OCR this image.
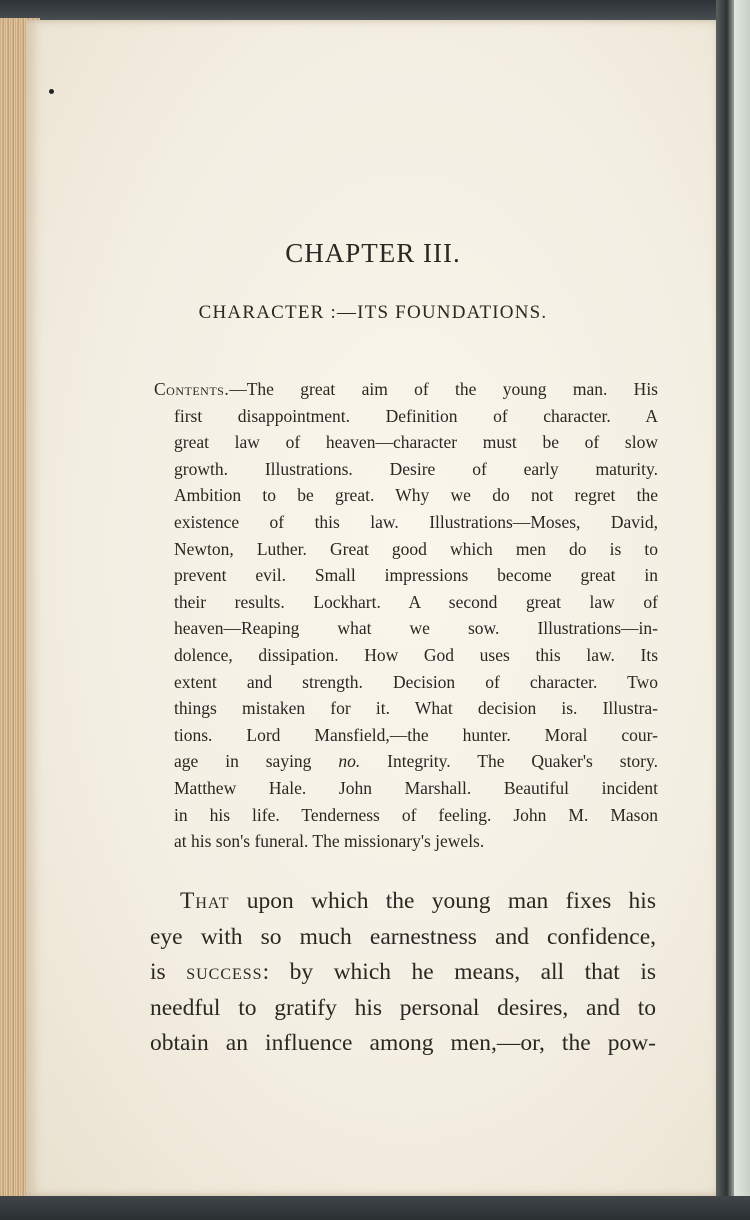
CHAPTER III.
CHARACTER :—ITS FOUNDATIONS.
Contents.—The great aim of the young man. His
first disappointment. Definition of character. A
great law of heaven—character must be of slow
growth. Illustrations. Desire of early maturity.
Ambition to be great. Why we do not regret the
existence of this law. Illustrations—Moses, David,
Newton, Luther. Great good which men do is to
prevent evil. Small impressions become great in
their results. Lockhart. A second great law of
heaven—Reaping what we sow. Illustrations—in-
dolence, dissipation. How God uses this law. Its
extent and strength. Decision of character. Two
things mistaken for it. What decision is. Illustra-
tions. Lord Mansfield,—the hunter. Moral cour-
age in saying no. Integrity. The Quaker's story.
Matthew Hale. John Marshall. Beautiful incident
in his life. Tenderness of feeling. John M. Mason
at his son's funeral. The missionary's jewels.
That upon which the young man fixes his
eye with so much earnestness and confidence,
is success: by which he means, all that is
needful to gratify his personal desires, and to
obtain an influence among men,—or, the pow-
